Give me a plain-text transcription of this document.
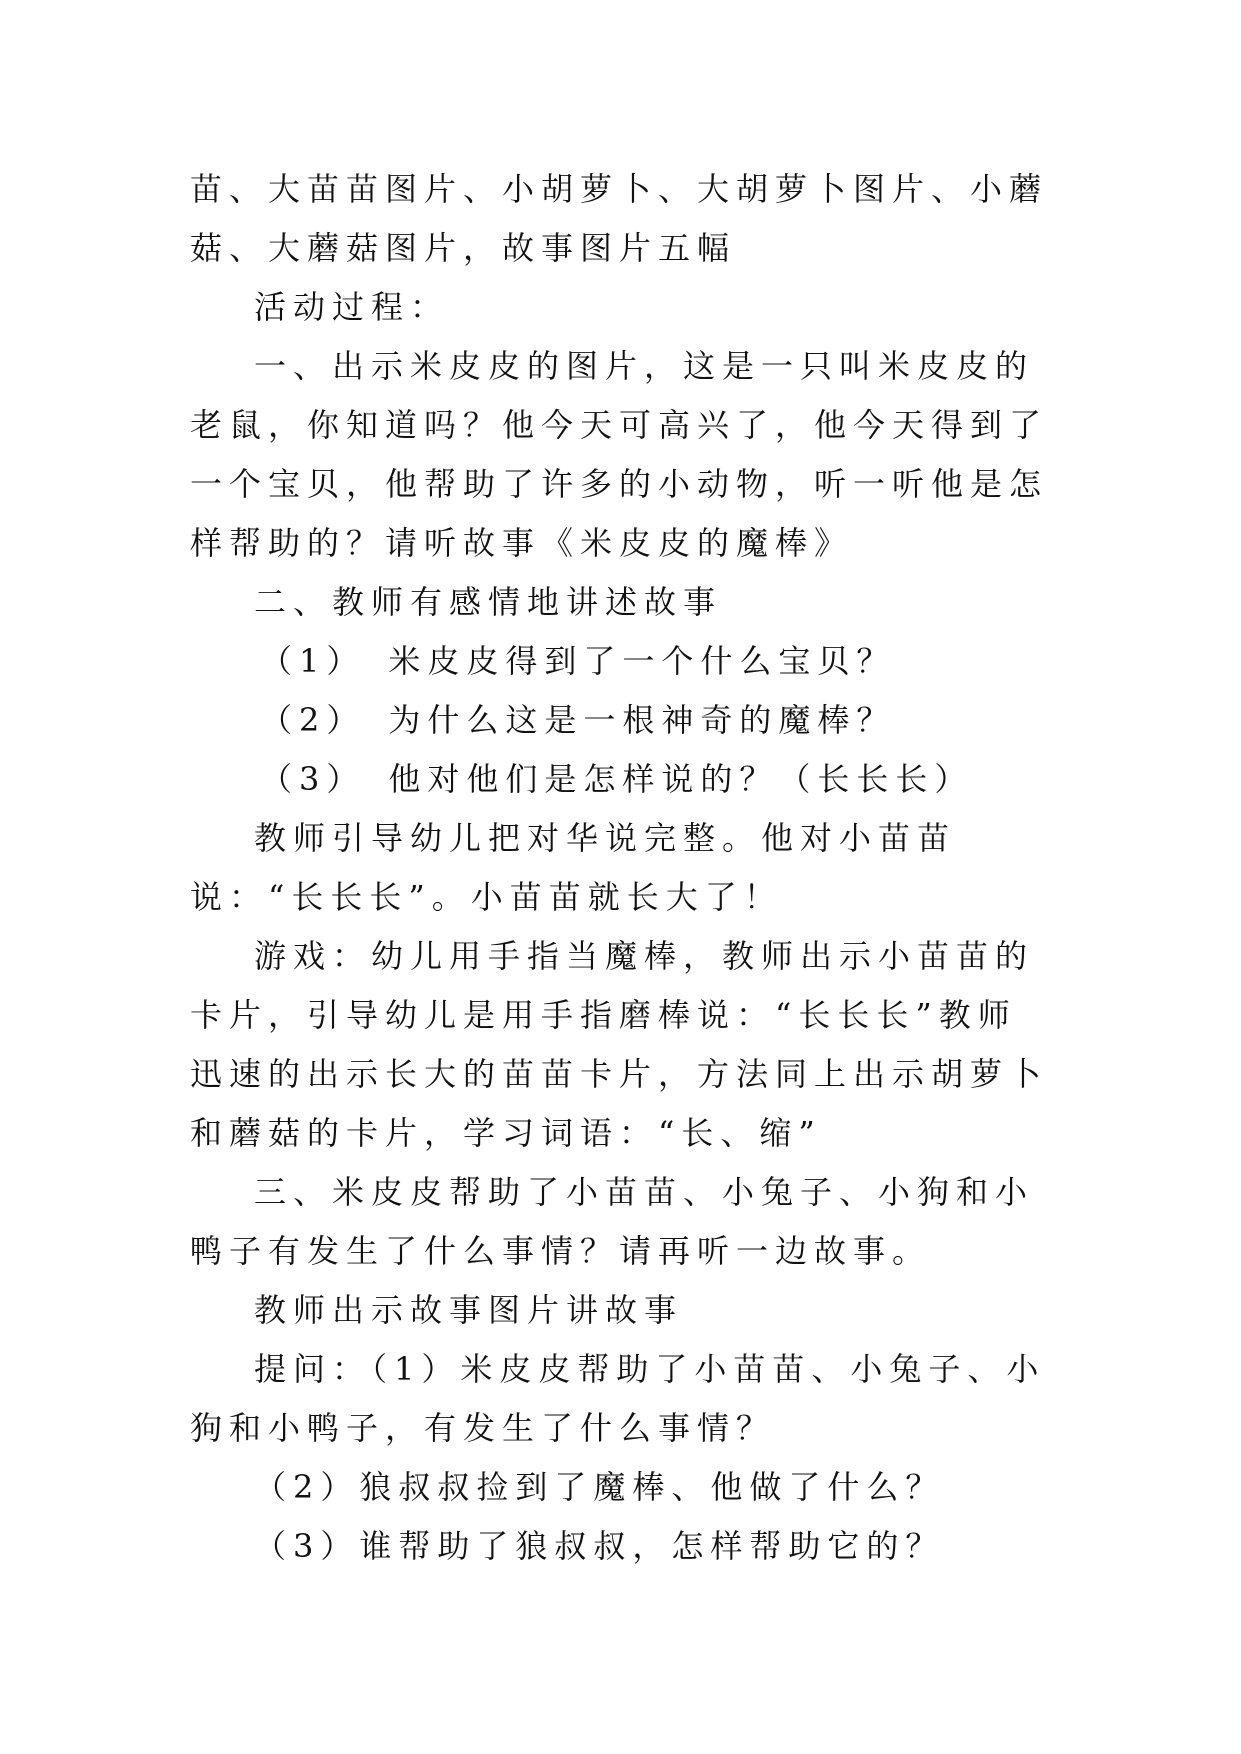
苗、大苗苗图片、小胡萝卜、大胡萝卜图片、小蘑菇、大蘑菇图片，故事图片五幅

活动过程：

一、出示米皮皮的图片，这是一只叫米皮皮的老鼠，你知道吗？他今天可高兴了，他今天得到了一个宝贝，他帮助了许多的小动物，听一听他是怎样帮助的？请听故事《米皮皮的魔棒》

二、教师有感情地讲述故事

（1）　米皮皮得到了一个什么宝贝？

（2）　为什么这是一根神奇的魔棒？

（3）　他对他们是怎样说的？（长长长）

教师引导幼儿把对华说完整。他对小苗苗说：“长长长”。小苗苗就长大了！

游戏：幼儿用手指当魔棒，教师出示小苗苗的卡片，引导幼儿是用手指磨棒说：“长长长”教师迅速的出示长大的苗苗卡片，方法同上出示胡萝卜和蘑菇的卡片，学习词语：“长、缩”

三、米皮皮帮助了小苗苗、小兔子、小狗和小鸭子有发生了什么事情？请再听一边故事。

教师出示故事图片讲故事

提问：（1）米皮皮帮助了小苗苗、小兔子、小狗和小鸭子，有发生了什么事情？

（2）狼叔叔捡到了魔棒、他做了什么？

（3）谁帮助了狼叔叔，怎样帮助它的？
